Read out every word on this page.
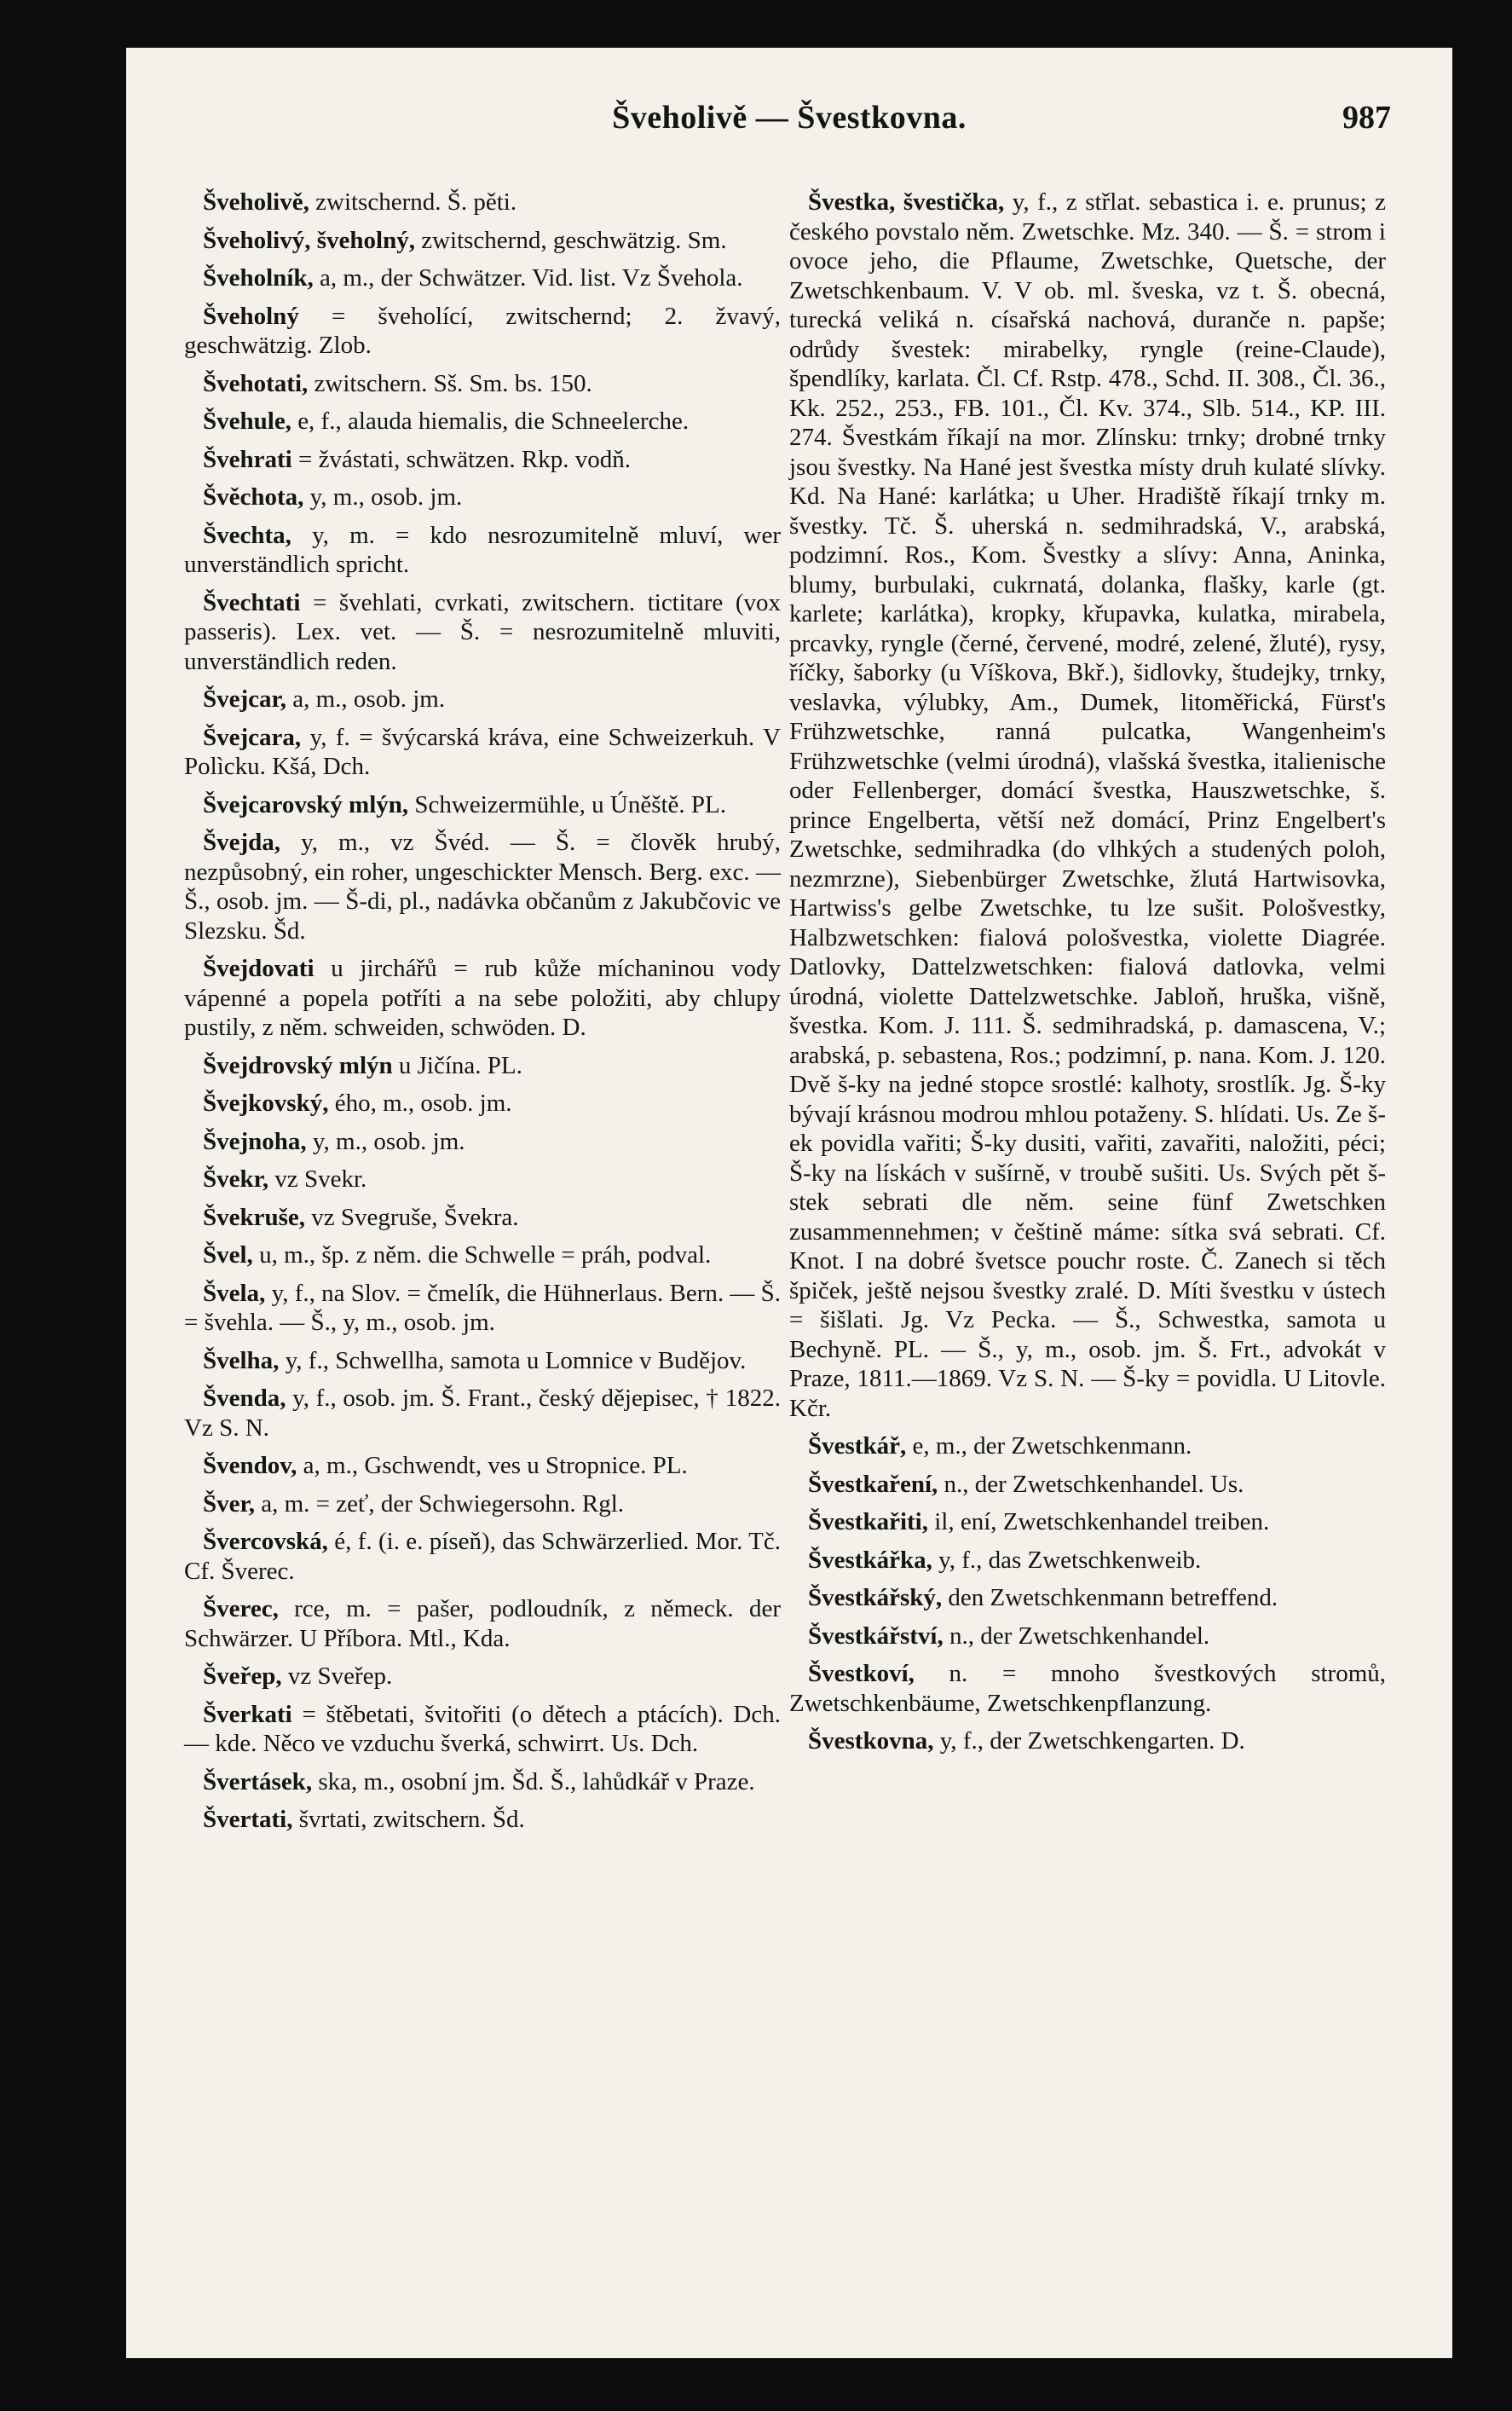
Šveholivě — Švestkovna.	987

Šveholivě, zwitschernd. Š. pěti.

Šveholivý, šveholný, zwitschernd, geschwätzig. Sm.

Šveholník, a, m., der Schwätzer. Vid. list. Vz Švehola.

Šveholný = šveholící, zwitschernd; 2. žvavý, geschwätzig. Zlob.

Švehotati, zwitschern. Sš. Sm. bs. 150.

Švehule, e, f., alauda hiemalis, die Schneelerche.

Švehrati = žvástati, schwätzen. Rkp. vodň.

Švěchota, y, m., osob. jm.

Švechta, y, m. = kdo nesrozumitelně mluví, wer unverständlich spricht.

Švechtati = švehlati, cvrkati, zwitschern. tictitare (vox passeris). Lex. vet. — Š. = nesrozumitelně mluviti, unverständlich reden.

Švejcar, a, m., osob. jm.

Švejcara, y, f. = švýcarská kráva, eine Schweizerkuh. V Polìcku. Kšá, Dch.

Švejcarovský mlýn, Schweizermühle, u Úněště. PL.

Švejda, y, m., vz Švéd. — Š. = člověk hrubý, nezpůsobný, ein roher, ungeschickter Mensch. Berg. exc. — Š., osob. jm. — Š-di, pl., nadávka občanům z Jakubčovic ve Slezsku. Šd.

Švejdovati u jirchářů = rub kůže míchaninou vody vápenné a popela potříti a na sebe položiti, aby chlupy pustily, z něm. schweiden, schwöden. D.

Švejdrovský mlýn u Jičína. PL.

Švejkovský, ého, m., osob. jm.

Švejnoha, y, m., osob. jm.

Švekr, vz Svekr.

Švekruše, vz Svegruše, Švekra.

Švel, u, m., šp. z něm. die Schwelle = práh, podval.

Švela, y, f., na Slov. = čmelík, die Hühnerlaus. Bern. — Š. = švehla. — Š., y, m., osob. jm.

Švelha, y, f., Schwellha, samota u Lomnice v Budějov.

Švenda, y, f., osob. jm. Š. Frant., český dějepisec, † 1822. Vz S. N.

Švendov, a, m., Gschwendt, ves u Stropnice. PL.

Šver, a, m. = zeť, der Schwiegersohn. Rgl.

Švercovská, é, f. (i. e. píseň), das Schwärzerlied. Mor. Tč. Cf. Šverec.

Šverec, rce, m. = pašer, podloudník, z německ. der Schwärzer. U Příbora. Mtl., Kda.

Šveřep, vz Sveřep.

Šverkati = štěbetati, švitořiti (o dětech a ptácích). Dch. — kde. Něco ve vzduchu šverká, schwirrt. Us. Dch.

Švertásek, ska, m., osobní jm. Šd. Š., lahůdkář v Praze.

Švertati, švrtati, zwitschern. Šd.

Švestka, švestička, y, f., z střlat. sebastica i. e. prunus; z českého povstalo něm. Zwetschke. Mz. 340. — Š. = strom i ovoce jeho, die Pflaume, Zwetschke, Quetsche, der Zwetschkenbaum. V. V ob. ml. šveska, vz t. Š. obecná, turecká veliká n. císařská nachová, duranče n. papše; odrůdy švestek: mirabelky, ryngle (reine-Claude), špendlíky, karlata. Čl. Cf. Rstp. 478., Schd. II. 308., Čl. 36., Kk. 252., 253., FB. 101., Čl. Kv. 374., Slb. 514., KP. III. 274. Švestkám říkají na mor. Zlínsku: trnky; drobné trnky jsou švestky. Na Hané jest švestka místy druh kulaté slívky. Kd. Na Hané: karlátka; u Uher. Hradiště říkají trnky m. švestky. Tč. Š. uherská n. sedmihradská, V., arabská, podzimní. Ros., Kom. Švestky a slívy: Anna, Aninka, blumy, burbulaki, cukrnatá, dolanka, flašky, karle (gt. karlete; karlátka), kropky, křupavka, kulatka, mirabela, prcavky, ryngle (černé, červené, modré, zelené, žluté), rysy, říčky, šaborky (u Víškova, Bkř.), šidlovky, študejky, trnky, veslavka, výlubky, Am., Dumek, litoměřická, Fürst's Frühzwetschke, ranná pulcatka, Wangenheim's Frühzwetschke (velmi úrodná), vlašská švestka, italienische oder Fellenberger, domácí švestka, Hauszwetschke, š. prince Engelberta, větší než domácí, Prinz Engelbert's Zwetschke, sedmihradka (do vlhkých a studených poloh, nezmrzne), Siebenbürger Zwetschke, žlutá Hartwisovka, Hartwiss's gelbe Zwetschke, tu lze sušit. Pološvestky, Halbzwetschken: fialová pološvestka, violette Diagrée. Datlovky, Dattelzwetschken: fialová datlovka, velmi úrodná, violette Dattelzwetschke. Jabloň, hruška, višně, švestka. Kom. J. 111. Š. sedmihradská, p. damascena, V.; arabská, p. sebastena, Ros.; podzimní, p. nana. Kom. J. 120. Dvě š-ky na jedné stopce srostlé: kalhoty, srostlík. Jg. Š-ky bývají krásnou modrou mhlou potaženy. S. hlídati. Us. Ze š-ek povidla vařiti; Š-ky dusiti, vařiti, zavařiti, naložiti, péci; Š-ky na lískách v sušírně, v troubě sušiti. Us. Svých pět š-stek sebrati dle něm. seine fünf Zwetschken zusammennehmen; v češtině máme: sítka svá sebrati. Cf. Knot. I na dobré švetsce pouchr roste. Č. Zanech si těch špiček, ještě nejsou švestky zralé. D. Míti švestku v ústech = šišlati. Jg. Vz Pecka. — Š., Schwestka, samota u Bechyně. PL. — Š., y, m., osob. jm. Š. Frt., advokát v Praze, 1811.—1869. Vz S. N. — Š-ky = povidla. U Litovle. Kčr.

Švestkář, e, m., der Zwetschkenmann.

Švestkaření, n., der Zwetschkenhandel. Us.

Švestkařiti, il, ení, Zwetschkenhandel treiben.

Švestkářka, y, f., das Zwetschkenweib.

Švestkářský, den Zwetschkenmann betreffend.

Švestkářství, n., der Zwetschkenhandel.

Švestkoví, n. = mnoho švestkových stromů, Zwetschkenbäume, Zwetschkenpflanzung.

Švestkovna, y, f., der Zwetschkengarten. D.
